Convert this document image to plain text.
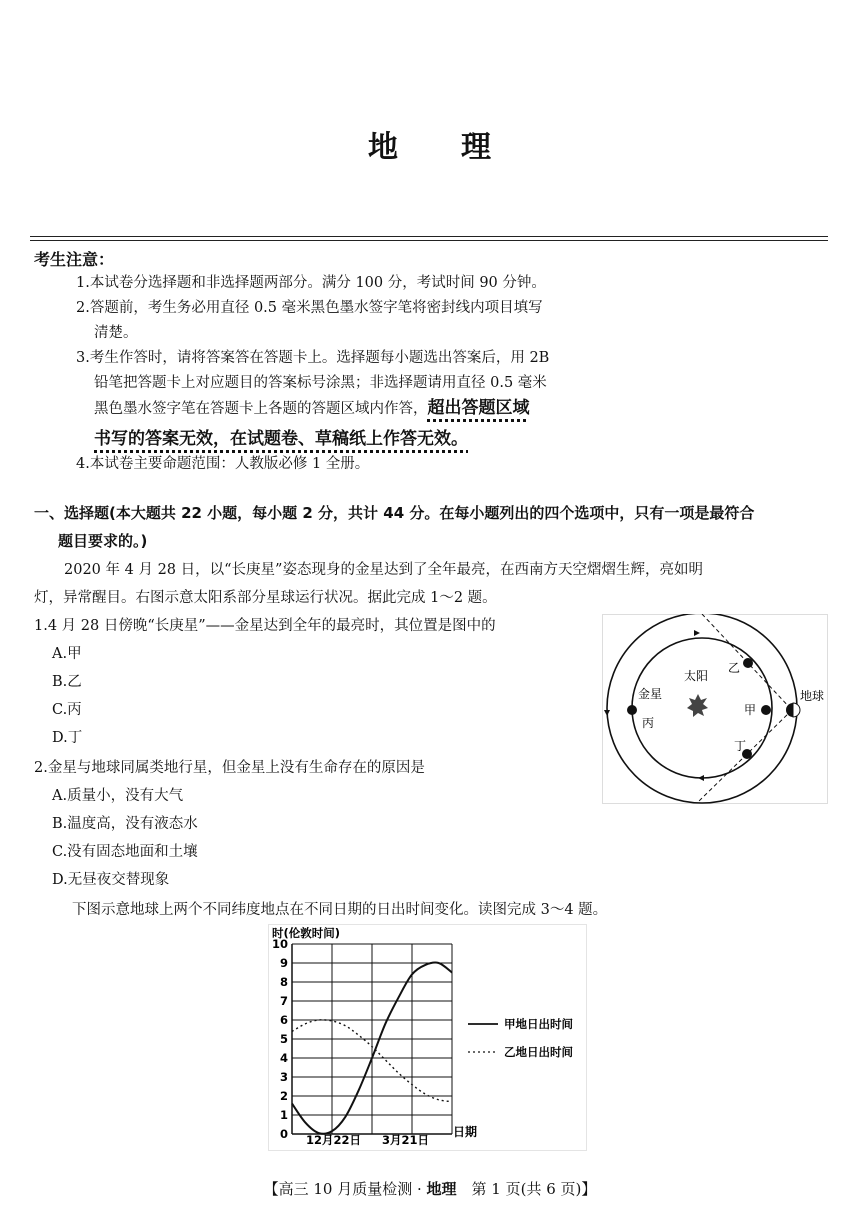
地　　理
考生注意：
1.本试卷分选择题和非选择题两部分。满分 100 分，考试时间 90 分钟。
2.答题前，考生务必用直径 0.5 毫米黑色墨水签字笔将密封线内项目填写
清楚。
3.考生作答时，请将答案答在答题卡上。选择题每小题选出答案后，用 2B
铅笔把答题卡上对应题目的答案标号涂黑；非选择题请用直径 0.5 毫米
黑色墨水签字笔在答题卡上各题的答题区域内作答，超出答题区域
书写的答案无效，在试题卷、草稿纸上作答无效。
4.本试卷主要命题范围：人教版必修 1 全册。
一、选择题(本大题共 22 小题，每小题 2 分，共计 44 分。在每小题列出的四个选项中，只有一项是最符合
题目要求的。)
2020 年 4 月 28 日，以“长庚星”姿态现身的金星达到了全年最亮，在西南方天空熠熠生辉，亮如明
灯，异常醒目。右图示意太阳系部分星球运行状况。据此完成 1～2 题。
1.4 月 28 日傍晚“长庚星”——金星达到全年的最亮时，其位置是图中的
A.甲
B.乙
C.丙
D.丁
2.金星与地球同属类地行星，但金星上没有生命存在的原因是
A.质量小，没有大气
B.温度高，没有液态水
C.没有固态地面和土壤
D.无昼夜交替现象
下图示意地球上两个不同纬度地点在不同日期的日出时间变化。读图完成 3～4 题。
太阳
金星
丙
甲
乙
丁
地球
时(伦敦时间)
0
1
2
3
4
5
6
7
8
9
10
12月22日 3月21日
日期
甲地日出时间
乙地日出时间
【高三 10 月质量检测 · 地理　第 1 页(共 6 页)】
